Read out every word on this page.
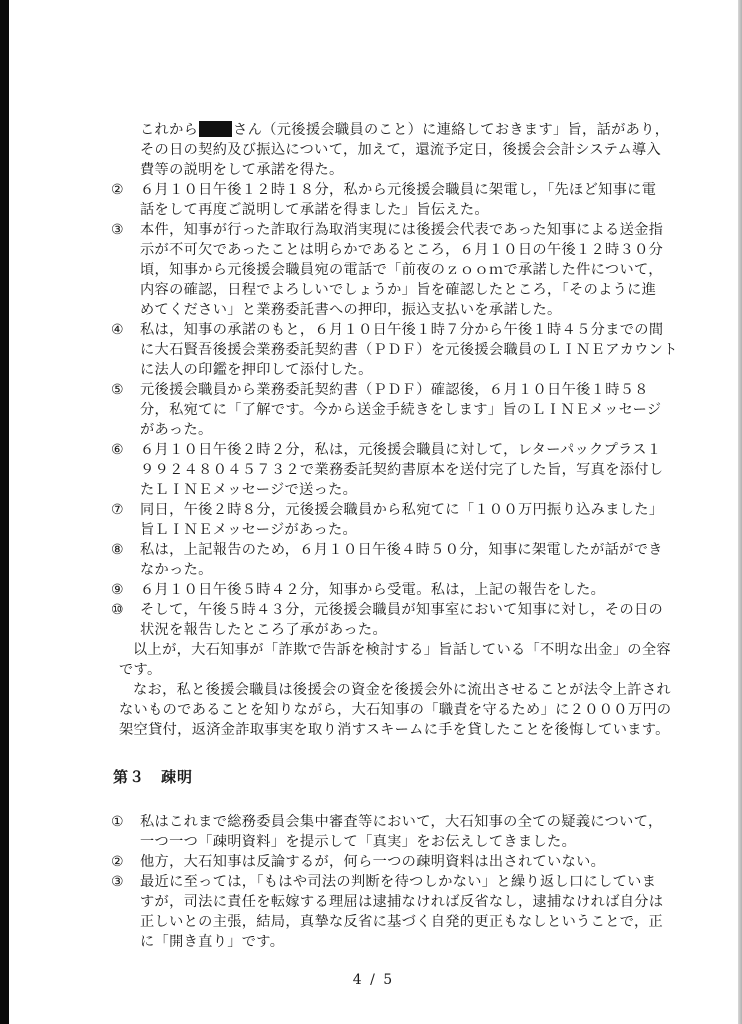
これから さん（元後援会職員のこと）に連絡しておきます」旨，話があり，
その日の契約及び振込について，加えて，還流予定日，後援会会計システム導入
費等の説明をして承諾を得た。
② ６月１０日午後１２時１８分，私から元後援会職員に架電し，「先ほど知事に電
話をして再度ご説明して承諾を得ました」旨伝えた。
③ 本件，知事が行った詐取行為取消実現には後援会代表であった知事による送金指
示が不可欠であったことは明らかであるところ，６月１０日の午後１２時３０分
頃，知事から元後援会職員宛の電話で「前夜のｚｏｏｍで承諾した件について，
内容の確認，日程でよろしいでしょうか」旨を確認したところ，「そのように進
めてください」と業務委託書への押印，振込支払いを承諾した。
④ 私は，知事の承諾のもと，６月１０日午後１時７分から午後１時４５分までの間
に大石賢吾後援会業務委託契約書（ＰＤＦ）を元後援会職員のＬＩＮＥアカウント
に法人の印鑑を押印して添付した。
⑤ 元後援会職員から業務委託契約書（ＰＤＦ）確認後，６月１０日午後１時５８
分，私宛てに「了解です。今から送金手続きをします」旨のＬＩＮＥメッセージ
があった。
⑥ ６月１０日午後２時２分，私は，元後援会職員に対して，レターパックプラス１
９９２４８０４５７３２で業務委託契約書原本を送付完了した旨，写真を添付し
たＬＩＮＥメッセージで送った。
⑦ 同日，午後２時８分，元後援会職員から私宛てに「１００万円振り込みました」
旨ＬＩＮＥメッセージがあった。
⑧ 私は，上記報告のため，６月１０日午後４時５０分，知事に架電したが話ができ
なかった。
⑨ ６月１０日午後５時４２分，知事から受電。私は，上記の報告をした。
⑩ そして，午後５時４３分，元後援会職員が知事室において知事に対し，その日の
状況を報告したところ了承があった。
以上が，大石知事が「詐欺で告訴を検討する」旨話している「不明な出金」の全容
です。
なお，私と後援会職員は後援会の資金を後援会外に流出させることが法令上許され
ないものであることを知りながら，大石知事の「職責を守るため」に２０００万円の
架空貸付，返済金詐取事実を取り消すスキームに手を貸したことを後悔しています。
第３　疎明
① 私はこれまで総務委員会集中審査等において，大石知事の全ての疑義について，
一つ一つ「疎明資料」を提示して「真実」をお伝えしてきました。
② 他方，大石知事は反論するが，何ら一つの疎明資料は出されていない。
③ 最近に至っては，「もはや司法の判断を待つしかない」と繰り返し口にしていま
すが，司法に責任を転嫁する理屈は逮捕なければ反省なし，逮捕なければ自分は
正しいとの主張，結局，真摯な反省に基づく自発的更正もなしということで，正
に「開き直り」です。
4 / 5
